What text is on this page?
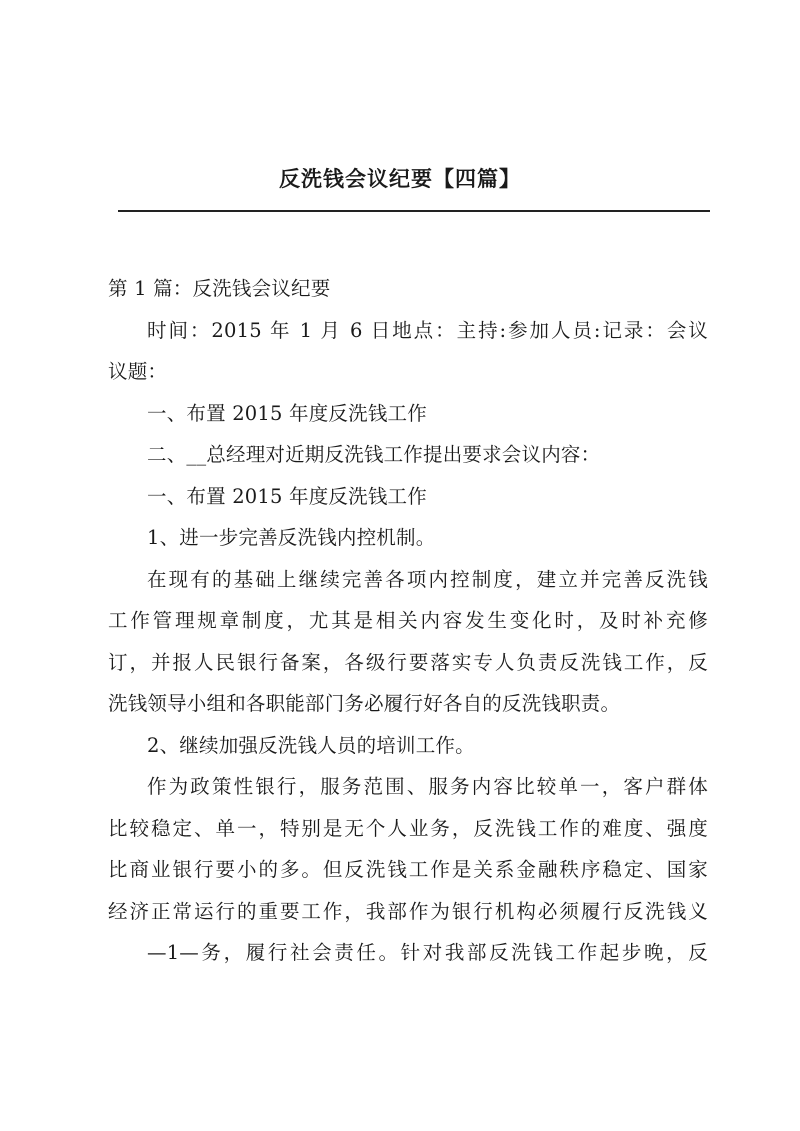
反洗钱会议纪要【四篇】
第 1 篇：反洗钱会议纪要
时间：2015 年 1 月 6 日地点：主持:参加人员:记录：会议
议题：
一、布置 2015 年度反洗钱工作
二、__总经理对近期反洗钱工作提出要求会议内容：
一、布置 2015 年度反洗钱工作
1、进一步完善反洗钱内控机制。
在现有的基础上继续完善各项内控制度，建立并完善反洗钱
工作管理规章制度，尤其是相关内容发生变化时，及时补充修
订，并报人民银行备案，各级行要落实专人负责反洗钱工作，反
洗钱领导小组和各职能部门务必履行好各自的反洗钱职责。
2、继续加强反洗钱人员的培训工作。
作为政策性银行，服务范围、服务内容比较单一，客户群体
比较稳定、单一，特别是无个人业务，反洗钱工作的难度、强度
比商业银行要小的多。但反洗钱工作是关系金融秩序稳定、国家
经济正常运行的重要工作，我部作为银行机构必须履行反洗钱义
—1—务，履行社会责任。针对我部反洗钱工作起步晚，反
